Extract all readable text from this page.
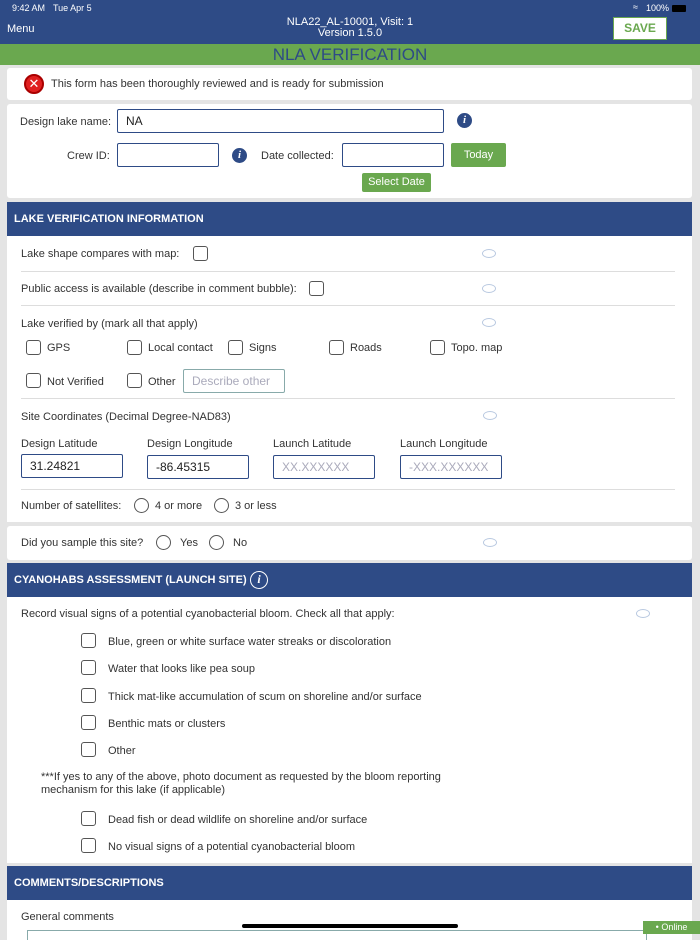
9:42 AM Tue Apr 5	≈ 100%
Menu
NLA22_AL-10001, Visit: 1
Version 1.5.0	SAVE
NLA VERIFICATION
✕	This form has been thoroughly reviewed and is ready for submission
Design lake name:	NA	i
Crew ID:	i	Date collected:	Today
Select Date
LAKE VERIFICATION INFORMATION
Lake shape compares with map:
Public access is available (describe in comment bubble):
Lake verified by (mark all that apply)
GPS	Local contact	Signs	Roads	Topo. map
Not Verified	Other	Describe other
Site Coordinates (Decimal Degree-NAD83)
Design Latitude	Design Longitude	Launch Latitude	Launch Longitude
31.24821	-86.45315	XX.XXXXXX	-XXX.XXXXXX
Number of satellites:	4 or more	3 or less
Did you sample this site?	Yes	No
CYANOHABS ASSESSMENT (LAUNCH SITE) i
Record visual signs of a potential cyanobacterial bloom. Check all that apply:
Blue, green or white surface water streaks or discoloration
Water that looks like pea soup
Thick mat-like accumulation of scum on shoreline and/or surface
Benthic mats or clusters
Other
Dead fish or dead wildlife on shoreline and/or surface
No visual signs of a potential cyanobacterial bloom
***If yes to any of the above, photo document as requested by the bloom reporting mechanism for this lake (if applicable)
COMMENTS/DESCRIPTIONS
General comments
• Online
